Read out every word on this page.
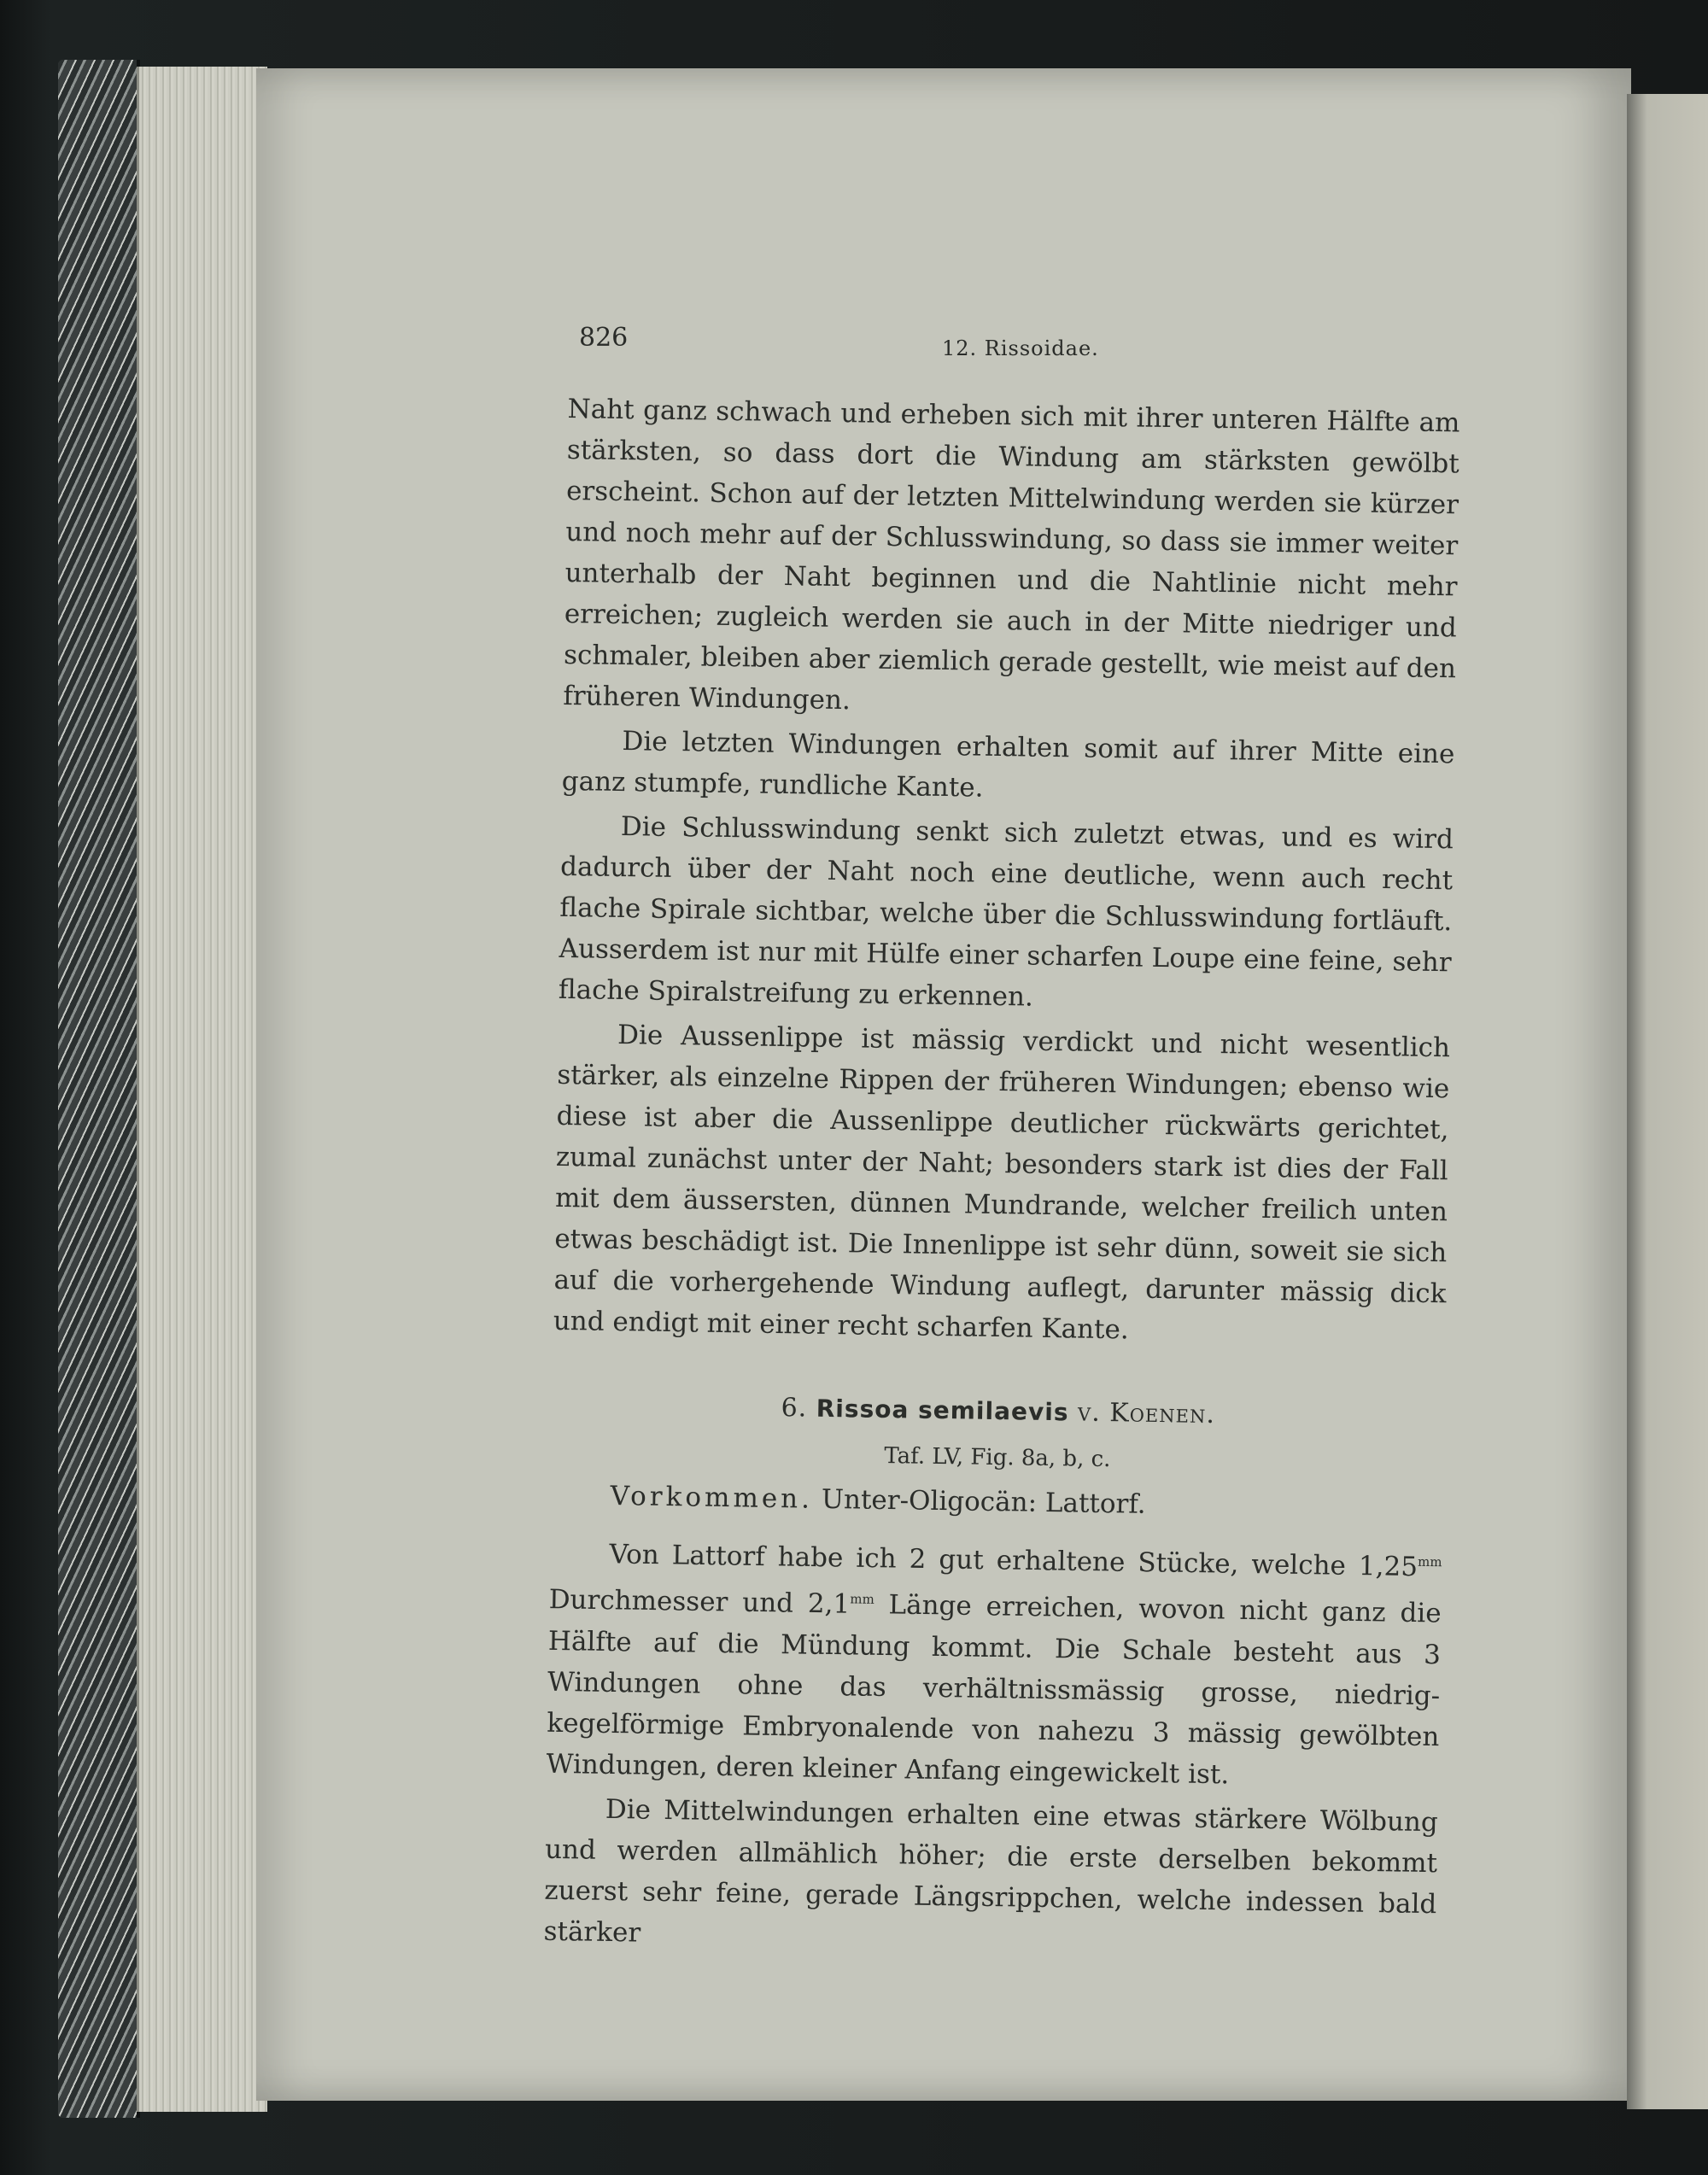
826	12. Rissoidae.

Naht ganz schwach und erheben sich mit ihrer unteren Hälfte am stärksten, so dass dort die Windung am stärksten gewölbt erscheint. Schon auf der letzten Mittelwindung werden sie kürzer und noch mehr auf der Schlusswindung, so dass sie immer weiter unterhalb der Naht beginnen und die Nahtlinie nicht mehr erreichen; zugleich werden sie auch in der Mitte niedriger und schmaler, bleiben aber ziemlich gerade gestellt, wie meist auf den früheren Windungen.

Die letzten Windungen erhalten somit auf ihrer Mitte eine ganz stumpfe, rundliche Kante.

Die Schlusswindung senkt sich zuletzt etwas, und es wird dadurch über der Naht noch eine deutliche, wenn auch recht flache Spirale sichtbar, welche über die Schlusswindung fortläuft. Ausserdem ist nur mit Hülfe einer scharfen Loupe eine feine, sehr flache Spiralstreifung zu erkennen.

Die Aussenlippe ist mässig verdickt und nicht wesentlich stärker, als einzelne Rippen der früheren Windungen; ebenso wie diese ist aber die Aussenlippe deutlicher rückwärts gerichtet, zumal zunächst unter der Naht; besonders stark ist dies der Fall mit dem äussersten, dünnen Mundrande, welcher freilich unten etwas beschädigt ist. Die Innenlippe ist sehr dünn, soweit sie sich auf die vorhergehende Windung auflegt, darunter mässig dick und endigt mit einer recht scharfen Kante.

6. Rissoa semilaevis v. Koenen.

Taf. LV, Fig. 8a, b, c.

Vorkommen. Unter-Oligocän: Lattorf.

Von Lattorf habe ich 2 gut erhaltene Stücke, welche $1,25^{mm}$ Durchmesser und $2,1^{mm}$ Länge erreichen, wovon nicht ganz die Hälfte auf die Mündung kommt. Die Schale besteht aus 3 Windungen ohne das verhältnissmässig grosse, niedrig-kegelförmige Embryonalende von nahezu 3 mässig gewölbten Windungen, deren kleiner Anfang eingewickelt ist.

Die Mittelwindungen erhalten eine etwas stärkere Wölbung und werden allmählich höher; die erste derselben bekommt zuerst sehr feine, gerade Längsrippchen, welche indessen bald stärker
